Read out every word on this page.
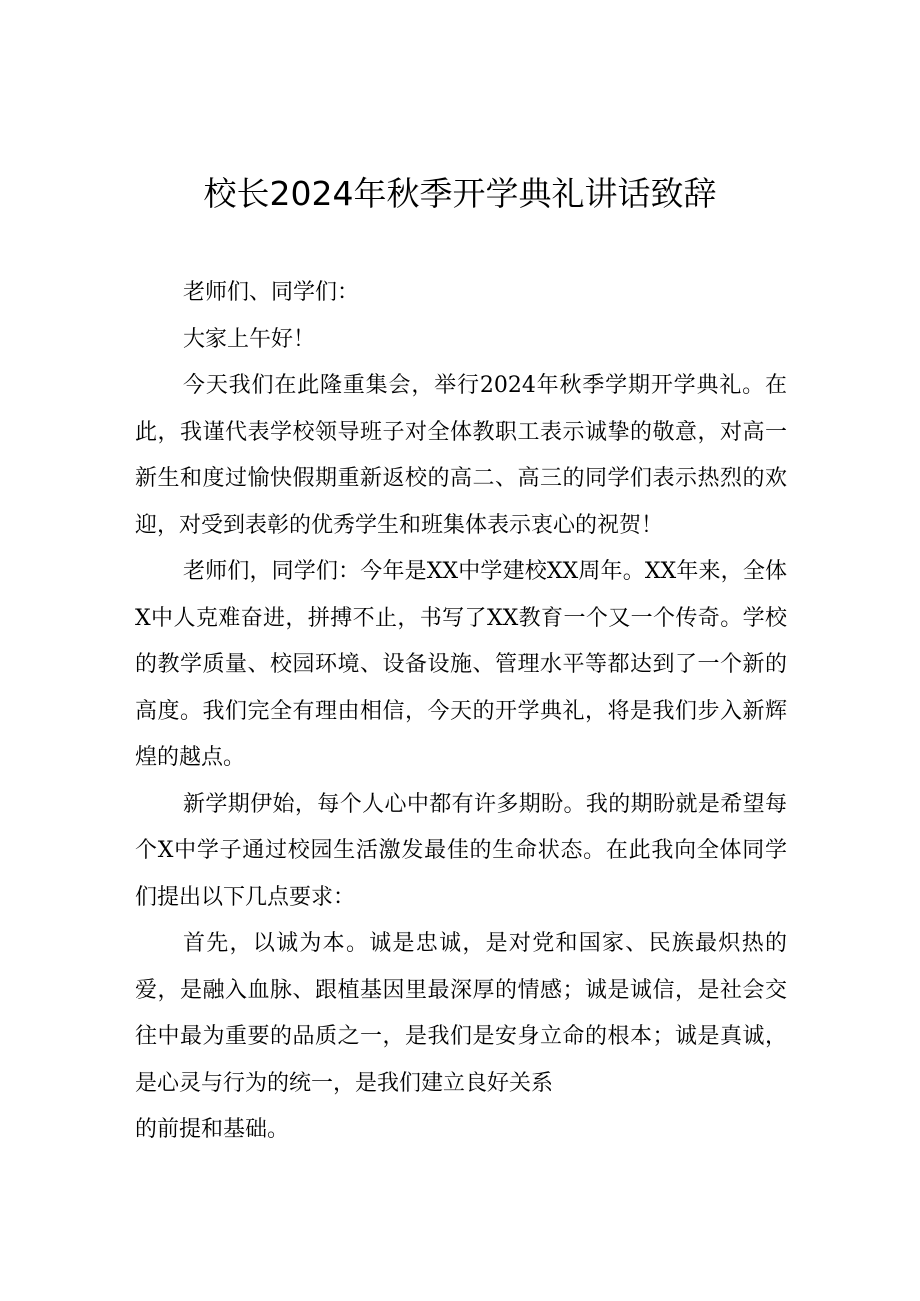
校长2024年秋季开学典礼讲话致辞

老师们、同学们：

大家上午好！

今天我们在此隆重集会，举行2024年秋季学期开学典礼。在此，我谨代表学校领导班子对全体教职工表示诚挚的敬意，对高一新生和度过愉快假期重新返校的高二、高三的同学们表示热烈的欢迎，对受到表彰的优秀学生和班集体表示衷心的祝贺！

老师们，同学们：今年是XX中学建校XX周年。XX年来，全体X中人克难奋进，拼搏不止，书写了XX教育一个又一个传奇。学校的教学质量、校园环境、设备设施、管理水平等都达到了一个新的高度。我们完全有理由相信，今天的开学典礼，将是我们步入新辉煌的越点。

新学期伊始，每个人心中都有许多期盼。我的期盼就是希望每个X中学子通过校园生活激发最佳的生命状态。在此我向全体同学们提出以下几点要求：

首先，以诚为本。诚是忠诚，是对党和国家、民族最炽热的爱，是融入血脉、跟植基因里最深厚的情感；诚是诚信，是社会交往中最为重要的品质之一，是我们是安身立命的根本；诚是真诚，是心灵与行为的统一，是我们建立良好关系

的前提和基础。
